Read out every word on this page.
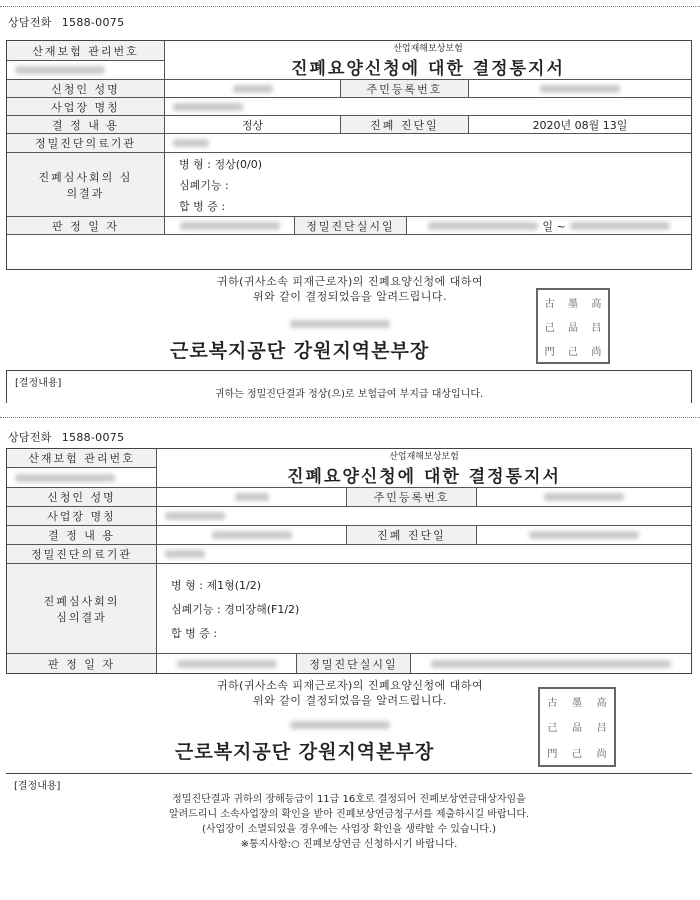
상담전화 1588-0075
산재보험 관리번호	산업재해보상보험
진폐요양신청에 대한 결정통지서
신청인 성명	주민등록번호
사업장 명칭
결 정 내 용	정상	진폐 진단일	2020년 08월 13일
정밀진단의료기관
진폐심사회의 심의결과
병 형 : 정상(0/0)
심폐기능 :
합 병 증 :
판 정 일 자	정밀진단실시일	일 ~
귀하(귀사소속 피재근로자)의 진폐요양신청에 대하여
위와 같이 결정되었음을 알려드립니다.
근로복지공단 강원지역본부장
古	墨	高
己	品	吕
門	己	尚
[결정내용]
귀하는 정밀진단결과 정상(으)로 보험급여 부지급 대상입니다.
상담전화 1588-0075
산재보험 관리번호	산업재해보상보험
진폐요양신청에 대한 결정통지서
신청인 성명	주민등록번호
사업장 명칭
결 정 내 용	진폐 진단일
정밀진단의료기관
진폐심사회의 심의결과
병 형 : 제1형(1/2)
심폐기능 : 경미장해(F1/2)
합 병 증 :
판 정 일 자	정밀진단실시일
귀하(귀사소속 피재근로자)의 진폐요양신청에 대하여
위와 같이 결정되었음을 알려드립니다.
근로복지공단 강원지역본부장
古	墨	高
己	品	吕
門	己	尚
[결정내용]
정밀진단결과 귀하의 장해등급이 11급 16호로 결정되어 진폐보상연금대상자임을
알려드리니 소속사업장의 확인을 받아 진폐보상연금청구서를 제출하시길 바랍니다.
(사업장이 소멸되었을 경우에는 사업장 확인을 생략할 수 있습니다.)
※통지사항:○ 진폐보상연금 신청하시기 바랍니다.
